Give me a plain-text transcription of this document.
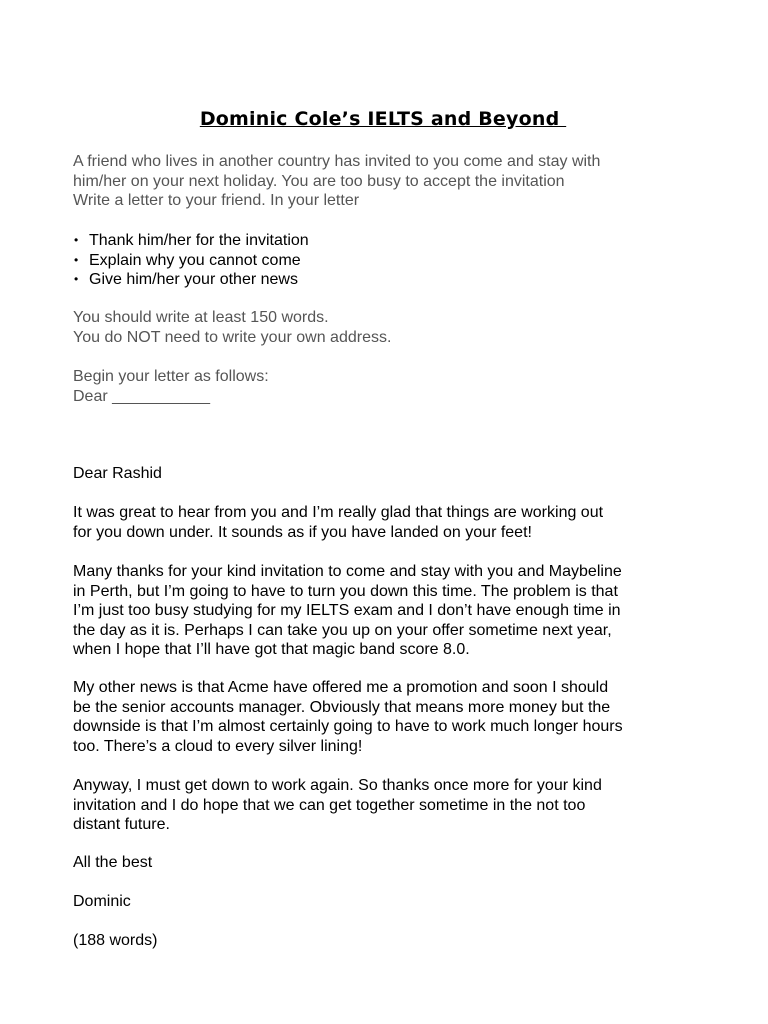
Dominic Cole’s IELTS and Beyond
A friend who lives in another country has invited to you come and stay with
him/her on your next holiday. You are too busy to accept the invitation
Write a letter to your friend. In your letter
• Thank him/her for the invitation
• Explain why you cannot come
• Give him/her your other news
You should write at least 150 words.
You do NOT need to write your own address.
Begin your letter as follows:
Dear ___________
Dear Rashid
It was great to hear from you and I’m really glad that things are working out
for you down under. It sounds as if you have landed on your feet!
Many thanks for your kind invitation to come and stay with you and Maybeline
in Perth, but I’m going to have to turn you down this time. The problem is that
I’m just too busy studying for my IELTS exam and I don’t have enough time in
the day as it is. Perhaps I can take you up on your offer sometime next year,
when I hope that I’ll have got that magic band score 8.0.
My other news is that Acme have offered me a promotion and soon I should
be the senior accounts manager. Obviously that means more money but the
downside is that I’m almost certainly going to have to work much longer hours
too. There’s a cloud to every silver lining!
Anyway, I must get down to work again. So thanks once more for your kind
invitation and I do hope that we can get together sometime in the not too
distant future.
All the best
Dominic
(188 words)
